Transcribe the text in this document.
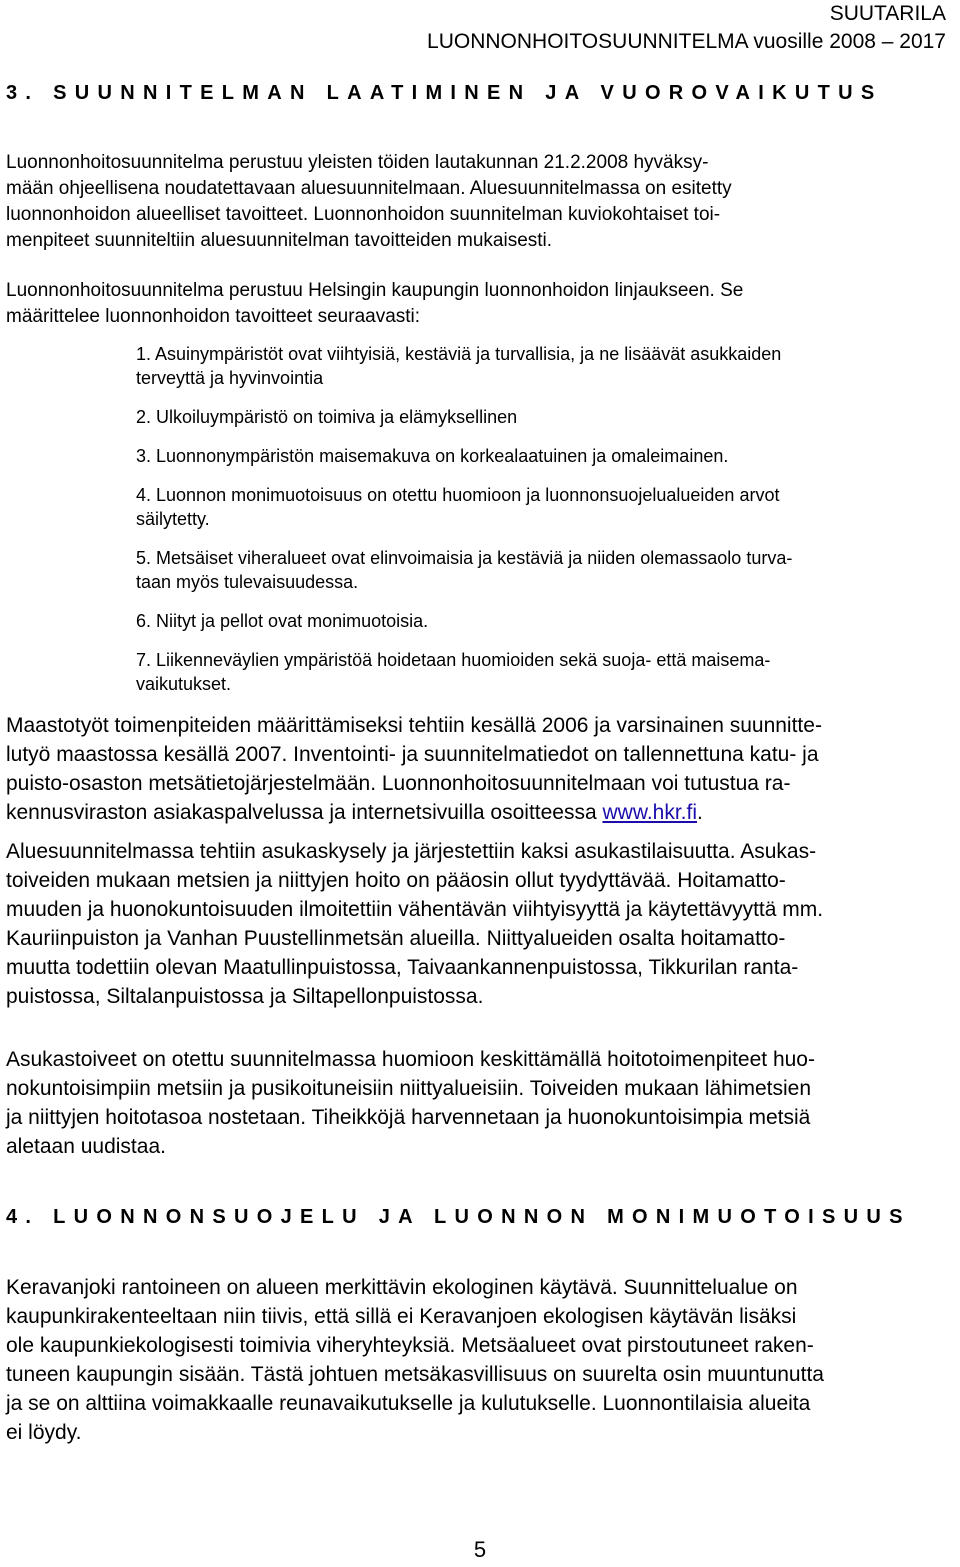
SUUTARILA
LUONNONHOITOSUUNNITELMA vuosille 2008 – 2017
3. SUUNNITELMAN LAATIMINEN JA VUOROVAIKUTUS

Luonnonhoitosuunnitelma perustuu yleisten töiden lautakunnan 21.2.2008 hyväksy-
mään ohjeellisena noudatettavaan aluesuunnitelmaan. Aluesuunnitelmassa on esitetty
luonnonhoidon alueelliset tavoitteet. Luonnonhoidon suunnitelman kuviokohtaiset toi-
menpiteet suunniteltiin aluesuunnitelman tavoitteiden mukaisesti.

Luonnonhoitosuunnitelma perustuu Helsingin kaupungin luonnonhoidon linjaukseen. Se
määrittelee luonnonhoidon tavoitteet seuraavasti:

1. Asuinympäristöt ovat viihtyisiä, kestäviä ja turvallisia, ja ne lisäävät asukkaiden
terveyttä ja hyvinvointia
2. Ulkoiluympäristö on toimiva ja elämyksellinen
3. Luonnonympäristön maisemakuva on korkealaatuinen ja omaleimainen.
4. Luonnon monimuotoisuus on otettu huomioon ja luonnonsuojelualueiden arvot
säilytetty.
5. Metsäiset viheralueet ovat elinvoimaisia ja kestäviä ja niiden olemassaolo turva-
taan myös tulevaisuudessa.
6. Niityt ja pellot ovat monimuotoisia.
7. Liikenneväylien ympäristöä hoidetaan huomioiden sekä suoja- että maisema-
vaikutukset.

Maastotyöt toimenpiteiden määrittämiseksi tehtiin kesällä 2006 ja varsinainen suunnitte-
lutyö maastossa kesällä 2007. Inventointi- ja suunnitelmatiedot on tallennettuna katu- ja
puisto-osaston metsätietojärjestelmään. Luonnonhoitosuunnitelmaan voi tutustua ra-
kennusviraston asiakaspalvelussa ja internetsivuilla osoitteessa www.hkr.fi.

Aluesuunnitelmassa tehtiin asukaskysely ja järjestettiin kaksi asukastilaisuutta. Asukas-
toiveiden mukaan metsien ja niittyjen hoito on pääosin ollut tyydyttävää. Hoitamatto-
muuden ja huonokuntoisuuden ilmoitettiin vähentävän viihtyisyyttä ja käytettävyyttä mm.
Kauriinpuiston ja Vanhan Puustellinmetsän alueilla. Niittyalueiden osalta hoitamatto-
muutta todettiin olevan Maatullinpuistossa, Taivaankannenpuistossa, Tikkurilan ranta-
puistossa, Siltalanpuistossa ja Siltapellonpuistossa.

Asukastoiveet on otettu suunnitelmassa huomioon keskittämällä hoitotoimenpiteet huo-
nokuntoisimpiin metsiin ja pusikoituneisiin niittyalueisiin. Toiveiden mukaan lähimetsien
ja niittyjen hoitotasoa nostetaan. Tiheikköjä harvennetaan ja huonokuntoisimpia metsiä
aletaan uudistaa.

4. LUONNONSUOJELU JA LUONNON MONIMUOTOISUUS

Keravanjoki rantoineen on alueen merkittävin ekologinen käytävä. Suunnittelualue on
kaupunkirakenteeltaan niin tiivis, että sillä ei Keravanjoen ekologisen käytävän lisäksi
ole kaupunkiekologisesti toimivia viheryhteyksiä. Metsäalueet ovat pirstoutuneet raken-
tuneen kaupungin sisään. Tästä johtuen metsäkasvillisuus on suurelta osin muuntunutta
ja se on alttiina voimakkaalle reunavaikutukselle ja kulutukselle. Luonnontilaisia alueita
ei löydy.

5
